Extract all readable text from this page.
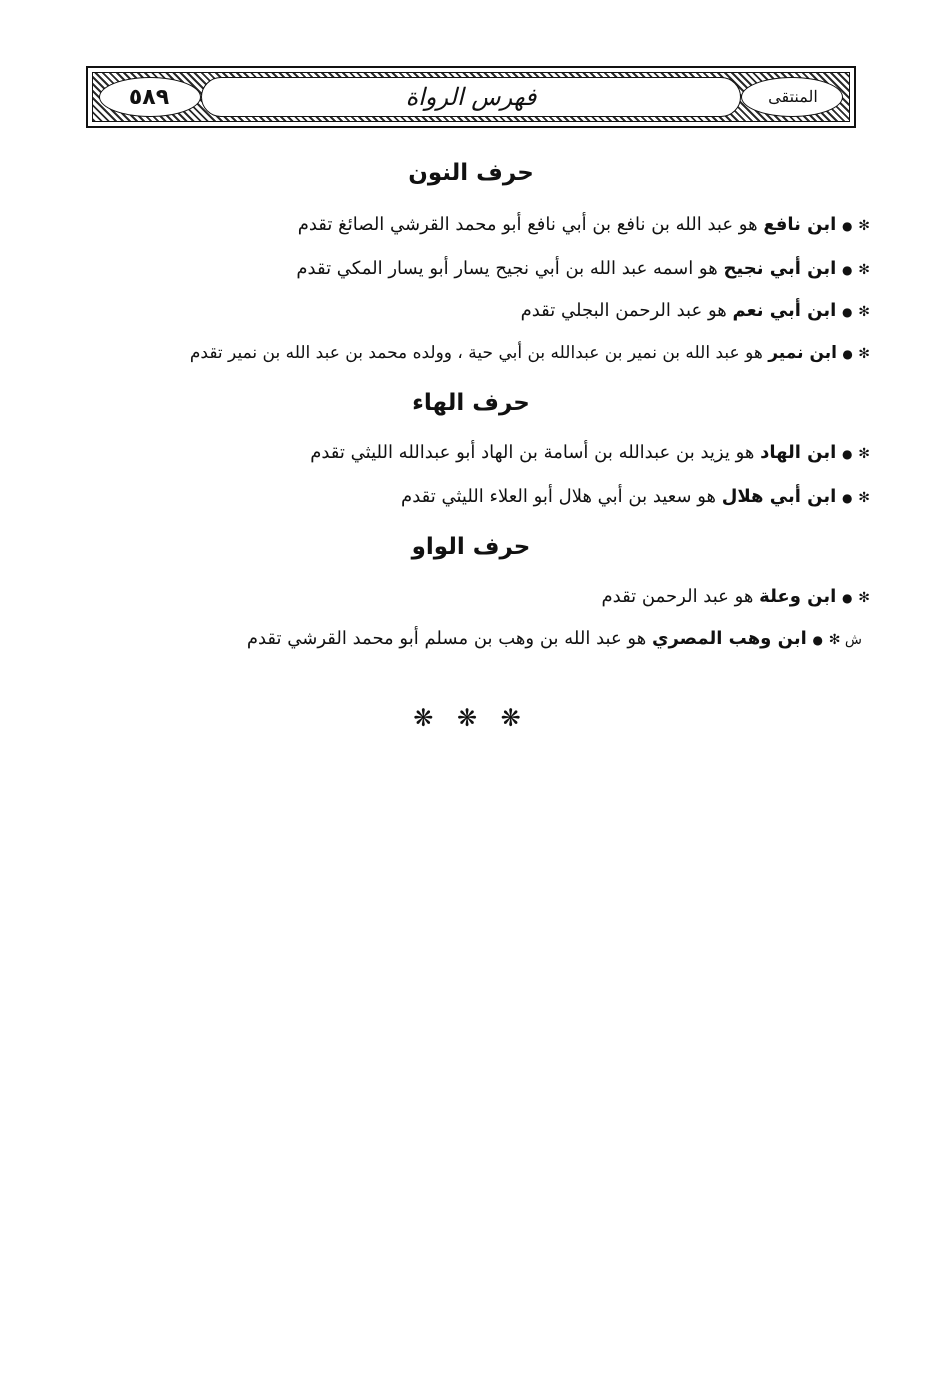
٥٨٩	فهرس الرواة	المنتقى
حرف النون
✻ ● ابن نافع هو عبد الله بن نافع بن أبي نافع أبو محمد القرشي الصائغ تقدم
✻ ● ابن أبي نجيح هو اسمه عبد الله بن أبي نجيح يسار أبو يسار المكي تقدم
✻ ● ابن أبي نعم هو عبد الرحمن البجلي تقدم
✻ ● ابن نمير هو عبد الله بن نمير بن عبدالله بن أبي حية ، وولده محمد بن عبد الله بن نمير تقدم
حرف الهاء
✻ ● ابن الهاد هو يزيد بن عبدالله بن أسامة بن الهاد أبو عبدالله الليثي تقدم
✻ ● ابن أبي هلال هو سعيد بن أبي هلال أبو العلاء الليثي تقدم
حرف الواو
✻ ● ابن وعلة هو عبد الرحمن تقدم
ش ✻ ● ابن وهب المصري هو عبد الله بن وهب بن مسلم أبو محمد القرشي تقدم
❋ ❋ ❋
